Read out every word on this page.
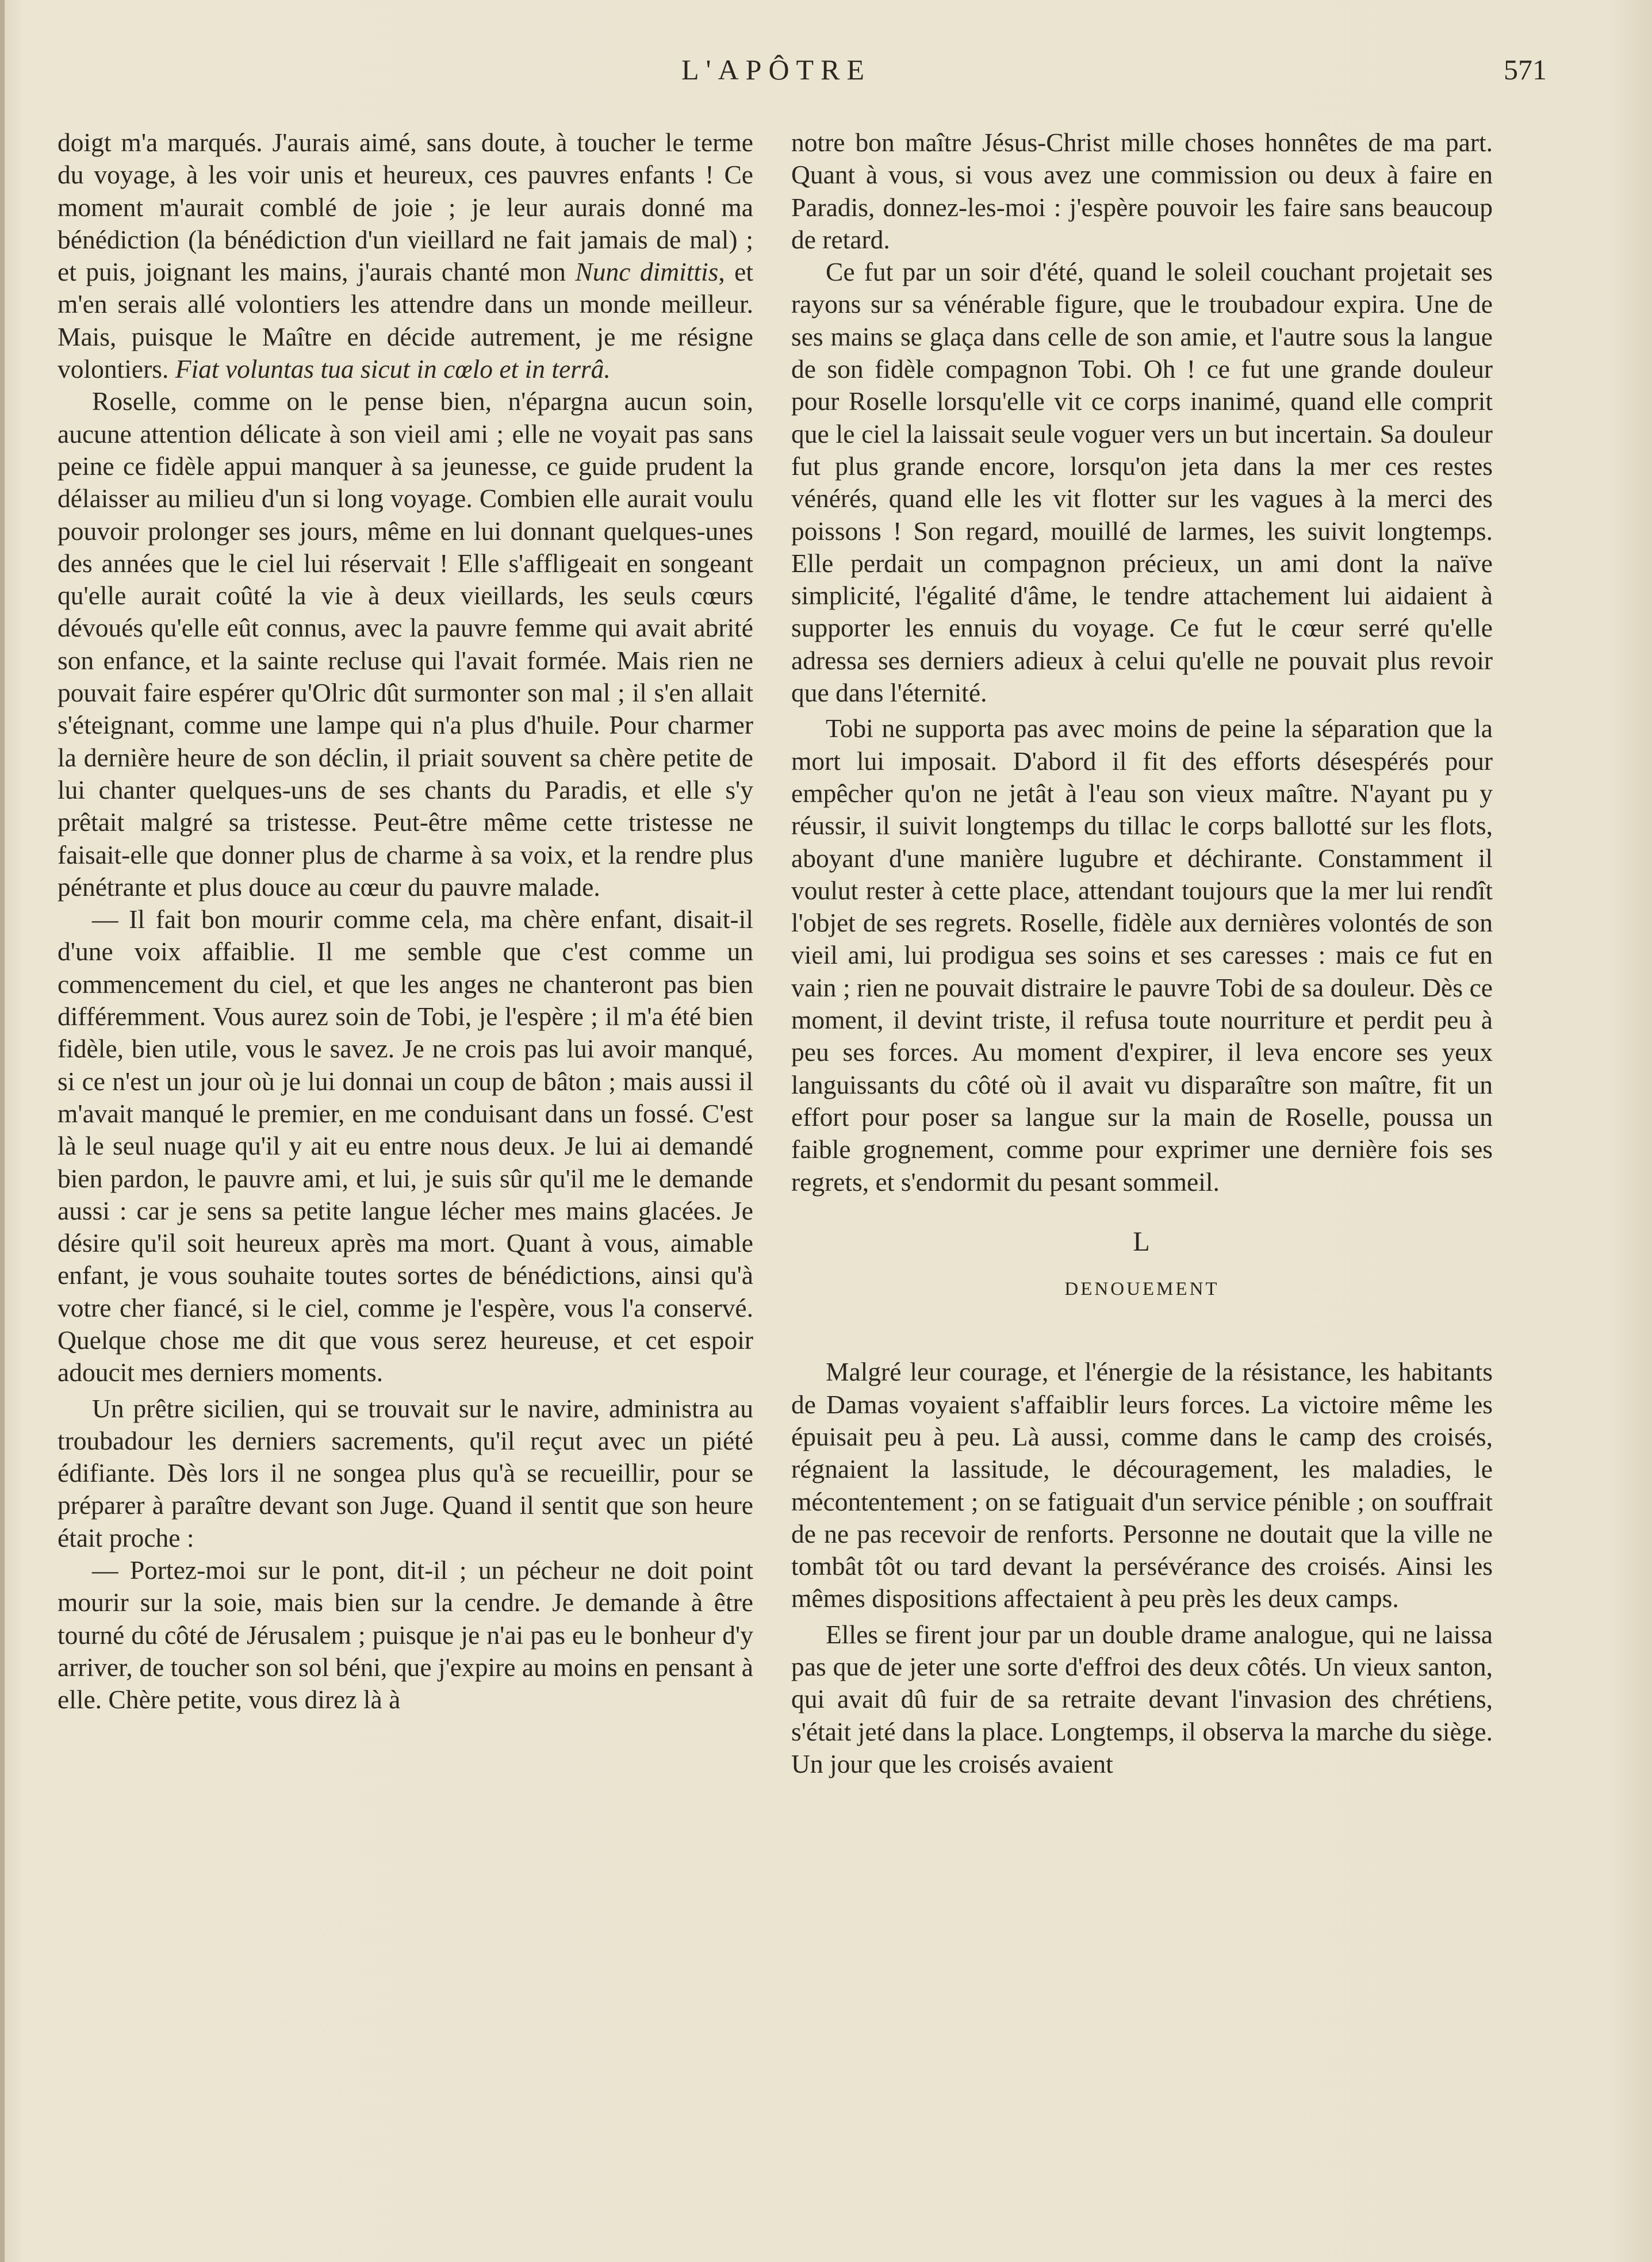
L'APÔTRE	571

doigt m'a marqués. J'aurais aimé, sans doute, à toucher le terme du voyage, à les voir unis et heureux, ces pauvres enfants ! Ce moment m'aurait comblé de joie ; je leur aurais donné ma bénédiction (la bénédiction d'un vieillard ne fait jamais de mal) ; et puis, joignant les mains, j'aurais chanté mon Nunc dimittis, et m'en serais allé volontiers les attendre dans un monde meilleur. Mais, puisque le Maître en décide autrement, je me résigne volontiers. Fiat voluntas tua sicut in cœlo et in terrâ.

Roselle, comme on le pense bien, n'épargna aucun soin, aucune attention délicate à son vieil ami ; elle ne voyait pas sans peine ce fidèle appui manquer à sa jeunesse, ce guide prudent la délaisser au milieu d'un si long voyage. Combien elle aurait voulu pouvoir prolonger ses jours, même en lui donnant quelques-unes des années que le ciel lui réservait ! Elle s'affligeait en songeant qu'elle aurait coûté la vie à deux vieillards, les seuls cœurs dévoués qu'elle eût connus, avec la pauvre femme qui avait abrité son enfance, et la sainte recluse qui l'avait formée. Mais rien ne pouvait faire espérer qu'Olric dût surmonter son mal ; il s'en allait s'éteignant, comme une lampe qui n'a plus d'huile. Pour charmer la dernière heure de son déclin, il priait souvent sa chère petite de lui chanter quelques-uns de ses chants du Paradis, et elle s'y prêtait malgré sa tristesse. Peut-être même cette tristesse ne faisait-elle que donner plus de charme à sa voix, et la rendre plus pénétrante et plus douce au cœur du pauvre malade.

— Il fait bon mourir comme cela, ma chère enfant, disait-il d'une voix affaiblie. Il me semble que c'est comme un commencement du ciel, et que les anges ne chanteront pas bien différemment. Vous aurez soin de Tobi, je l'espère ; il m'a été bien fidèle, bien utile, vous le savez. Je ne crois pas lui avoir manqué, si ce n'est un jour où je lui donnai un coup de bâton ; mais aussi il m'avait manqué le premier, en me conduisant dans un fossé. C'est là le seul nuage qu'il y ait eu entre nous deux. Je lui ai demandé bien pardon, le pauvre ami, et lui, je suis sûr qu'il me le demande aussi : car je sens sa petite langue lécher mes mains glacées. Je désire qu'il soit heureux après ma mort. Quant à vous, aimable enfant, je vous souhaite toutes sortes de bénédictions, ainsi qu'à votre cher fiancé, si le ciel, comme je l'espère, vous l'a conservé. Quelque chose me dit que vous serez heureuse, et cet espoir adoucit mes derniers moments.

Un prêtre sicilien, qui se trouvait sur le navire, administra au troubadour les derniers sacrements, qu'il reçut avec un piété édifiante. Dès lors il ne songea plus qu'à se recueillir, pour se préparer à paraître devant son Juge. Quand il sentit que son heure était proche :

— Portez-moi sur le pont, dit-il ; un pécheur ne doit point mourir sur la soie, mais bien sur la cendre. Je demande à être tourné du côté de Jérusalem ; puisque je n'ai pas eu le bonheur d'y arriver, de toucher son sol béni, que j'expire au moins en pensant à elle. Chère petite, vous direz là à

notre bon maître Jésus-Christ mille choses honnêtes de ma part. Quant à vous, si vous avez une commission ou deux à faire en Paradis, donnez-les-moi : j'espère pouvoir les faire sans beaucoup de retard.

Ce fut par un soir d'été, quand le soleil couchant projetait ses rayons sur sa vénérable figure, que le troubadour expira. Une de ses mains se glaça dans celle de son amie, et l'autre sous la langue de son fidèle compagnon Tobi. Oh ! ce fut une grande douleur pour Roselle lorsqu'elle vit ce corps inanimé, quand elle comprit que le ciel la laissait seule voguer vers un but incertain. Sa douleur fut plus grande encore, lorsqu'on jeta dans la mer ces restes vénérés, quand elle les vit flotter sur les vagues à la merci des poissons ! Son regard, mouillé de larmes, les suivit longtemps. Elle perdait un compagnon précieux, un ami dont la naïve simplicité, l'égalité d'âme, le tendre attachement lui aidaient à supporter les ennuis du voyage. Ce fut le cœur serré qu'elle adressa ses derniers adieux à celui qu'elle ne pouvait plus revoir que dans l'éternité.

Tobi ne supporta pas avec moins de peine la séparation que la mort lui imposait. D'abord il fit des efforts désespérés pour empêcher qu'on ne jetât à l'eau son vieux maître. N'ayant pu y réussir, il suivit longtemps du tillac le corps ballotté sur les flots, aboyant d'une manière lugubre et déchirante. Constamment il voulut rester à cette place, attendant toujours que la mer lui rendît l'objet de ses regrets. Roselle, fidèle aux dernières volontés de son vieil ami, lui prodigua ses soins et ses caresses : mais ce fut en vain ; rien ne pouvait distraire le pauvre Tobi de sa douleur. Dès ce moment, il devint triste, il refusa toute nourriture et perdit peu à peu ses forces. Au moment d'expirer, il leva encore ses yeux languissants du côté où il avait vu disparaître son maître, fit un effort pour poser sa langue sur la main de Roselle, poussa un faible grognement, comme pour exprimer une dernière fois ses regrets, et s'endormit du pesant sommeil.

L
DENOUEMENT

Malgré leur courage, et l'énergie de la résistance, les habitants de Damas voyaient s'affaiblir leurs forces. La victoire même les épuisait peu à peu. Là aussi, comme dans le camp des croisés, régnaient la lassitude, le découragement, les maladies, le mécontentement ; on se fatiguait d'un service pénible ; on souffrait de ne pas recevoir de renforts. Personne ne doutait que la ville ne tombât tôt ou tard devant la persévérance des croisés. Ainsi les mêmes dispositions affectaient à peu près les deux camps.

Elles se firent jour par un double drame analogue, qui ne laissa pas que de jeter une sorte d'effroi des deux côtés. Un vieux santon, qui avait dû fuir de sa retraite devant l'invasion des chrétiens, s'était jeté dans la place. Longtemps, il observa la marche du siège. Un jour que les croisés avaient
